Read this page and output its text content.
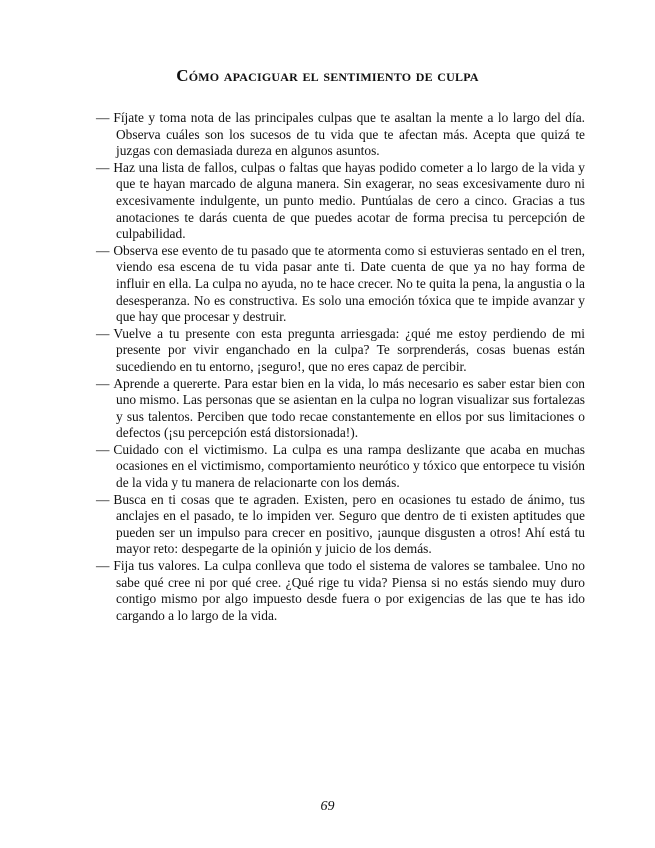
Cómo apaciguar el sentimiento de culpa
— Fíjate y toma nota de las principales culpas que te asaltan la mente a lo largo del día. Observa cuáles son los sucesos de tu vida que te afectan más. Acepta que quizá te juzgas con demasiada dureza en algunos asuntos.
— Haz una lista de fallos, culpas o faltas que hayas podido cometer a lo largo de la vida y que te hayan marcado de alguna manera. Sin exagerar, no seas excesivamente duro ni excesivamente indulgente, un punto medio. Puntúalas de cero a cinco. Gracias a tus anotaciones te darás cuenta de que puedes acotar de forma precisa tu percepción de culpabilidad.
— Observa ese evento de tu pasado que te atormenta como si estuvieras sentado en el tren, viendo esa escena de tu vida pasar ante ti. Date cuenta de que ya no hay forma de influir en ella. La culpa no ayuda, no te hace crecer. No te quita la pena, la angustia o la desesperanza. No es constructiva. Es solo una emoción tóxica que te impide avanzar y que hay que procesar y destruir.
— Vuelve a tu presente con esta pregunta arriesgada: ¿qué me estoy perdiendo de mi presente por vivir enganchado en la culpa? Te sorprenderás, cosas buenas están sucediendo en tu entorno, ¡seguro!, que no eres capaz de percibir.
— Aprende a quererte. Para estar bien en la vida, lo más necesario es saber estar bien con uno mismo. Las personas que se asientan en la culpa no logran visualizar sus fortalezas y sus talentos. Perciben que todo recae constantemente en ellos por sus limitaciones o defectos (¡su percepción está distorsionada!).
— Cuidado con el victimismo. La culpa es una rampa deslizante que acaba en muchas ocasiones en el victimismo, comportamiento neurótico y tóxico que entorpece tu visión de la vida y tu manera de relacionarte con los demás.
— Busca en ti cosas que te agraden. Existen, pero en ocasiones tu estado de ánimo, tus anclajes en el pasado, te lo impiden ver. Seguro que dentro de ti existen aptitudes que pueden ser un impulso para crecer en positivo, ¡aunque disgusten a otros! Ahí está tu mayor reto: despegarte de la opinión y juicio de los demás.
— Fija tus valores. La culpa conlleva que todo el sistema de valores se tambalee. Uno no sabe qué cree ni por qué cree. ¿Qué rige tu vida? Piensa si no estás siendo muy duro contigo mismo por algo impuesto desde fuera o por exigencias de las que te has ido cargando a lo largo de la vida.

69
